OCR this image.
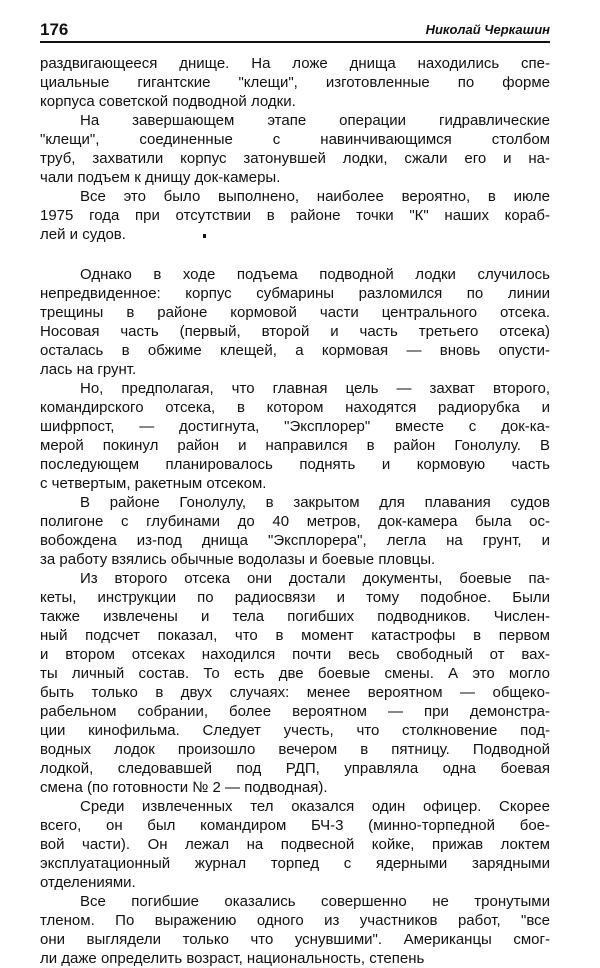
176	Николай Черкашин
раздвигающееся днище. На ложе днища находились спе-
циальные гигантские "клещи", изготовленные по форме
корпуса советской подводной лодки.
На завершающем этапе операции гидравлические
"клещи", соединенные с навинчивающимся столбом
труб, захватили корпус затонувшей лодки, сжали его и на-
чали подъем к днищу док-камеры.
Все это было выполнено, наиболее вероятно, в июле
1975 года при отсутствии в районе точки "К" наших кораб-
лей и судов.
Однако в ходе подъема подводной лодки случилось
непредвиденное: корпус субмарины разломился по линии
трещины в районе кормовой части центрального отсека.
Носовая часть (первый, второй и часть третьего отсека)
осталась в обжиме клещей, а кормовая — вновь опусти-
лась на грунт.
Но, предполагая, что главная цель — захват второго,
командирского отсека, в котором находятся радиорубка и
шифрпост, — достигнута, "Эксплорер" вместе с док-ка-
мерой покинул район и направился в район Гонолулу. В
последующем планировалось поднять и кормовую часть
с четвертым, ракетным отсеком.
В районе Гонолулу, в закрытом для плавания судов
полигоне с глубинами до 40 метров, док-камера была ос-
вобождена из-под днища "Эксплорера", легла на грунт, и
за работу взялись обычные водолазы и боевые пловцы.
Из второго отсека они достали документы, боевые па-
кеты, инструкции по радиосвязи и тому подобное. Были
также извлечены и тела погибших подводников. Числен-
ный подсчет показал, что в момент катастрофы в первом
и втором отсеках находился почти весь свободный от вах-
ты личный состав. То есть две боевые смены. А это могло
быть только в двух случаях: менее вероятном — общеко-
рабельном собрании, более вероятном — при демонстра-
ции кинофильма. Следует учесть, что столкновение под-
водных лодок произошло вечером в пятницу. Подводной
лодкой, следовавшей под РДП, управляла одна боевая
смена (по готовности № 2 — подводная).
Среди извлеченных тел оказался один офицер. Скорее
всего, он был командиром БЧ-3 (минно-торпедной бое-
вой части). Он лежал на подвесной койке, прижав локтем
эксплуатационный журнал торпед с ядерными зарядными
отделениями.
Все погибшие оказались совершенно не тронутыми
тленом. По выражению одного из участников работ, "все
они выглядели только что уснувшими". Американцы смог-
ли даже определить возраст, национальность, степень
